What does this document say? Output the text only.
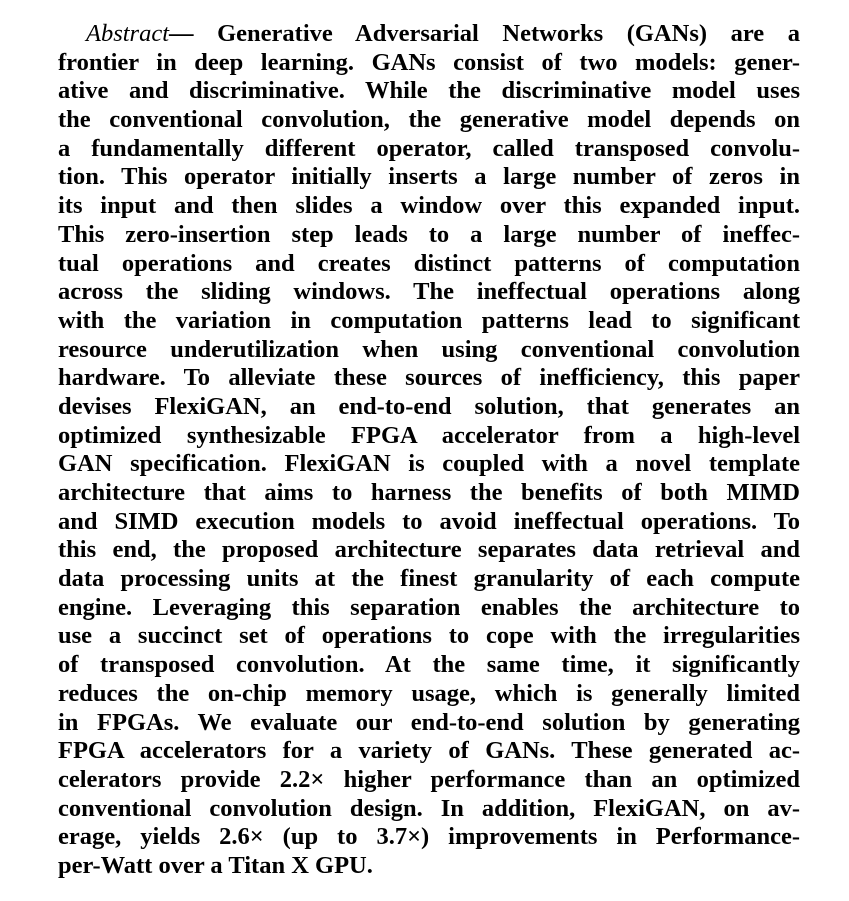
Abstract— Generative Adversarial Networks (GANs) are a
frontier in deep learning. GANs consist of two models: gener-
ative and discriminative. While the discriminative model uses
the conventional convolution, the generative model depends on
a fundamentally different operator, called transposed convolu-
tion. This operator initially inserts a large number of zeros in
its input and then slides a window over this expanded input.
This zero-insertion step leads to a large number of ineffec-
tual operations and creates distinct patterns of computation
across the sliding windows. The ineffectual operations along
with the variation in computation patterns lead to significant
resource underutilization when using conventional convolution
hardware. To alleviate these sources of inefficiency, this paper
devises FlexiGAN, an end-to-end solution, that generates an
optimized synthesizable FPGA accelerator from a high-level
GAN specification. FlexiGAN is coupled with a novel template
architecture that aims to harness the benefits of both MIMD
and SIMD execution models to avoid ineffectual operations. To
this end, the proposed architecture separates data retrieval and
data processing units at the finest granularity of each compute
engine. Leveraging this separation enables the architecture to
use a succinct set of operations to cope with the irregularities
of transposed convolution. At the same time, it significantly
reduces the on-chip memory usage, which is generally limited
in FPGAs. We evaluate our end-to-end solution by generating
FPGA accelerators for a variety of GANs. These generated ac-
celerators provide 2.2× higher performance than an optimized
conventional convolution design. In addition, FlexiGAN, on av-
erage, yields 2.6× (up to 3.7×) improvements in Performance-
per-Watt over a Titan X GPU.
